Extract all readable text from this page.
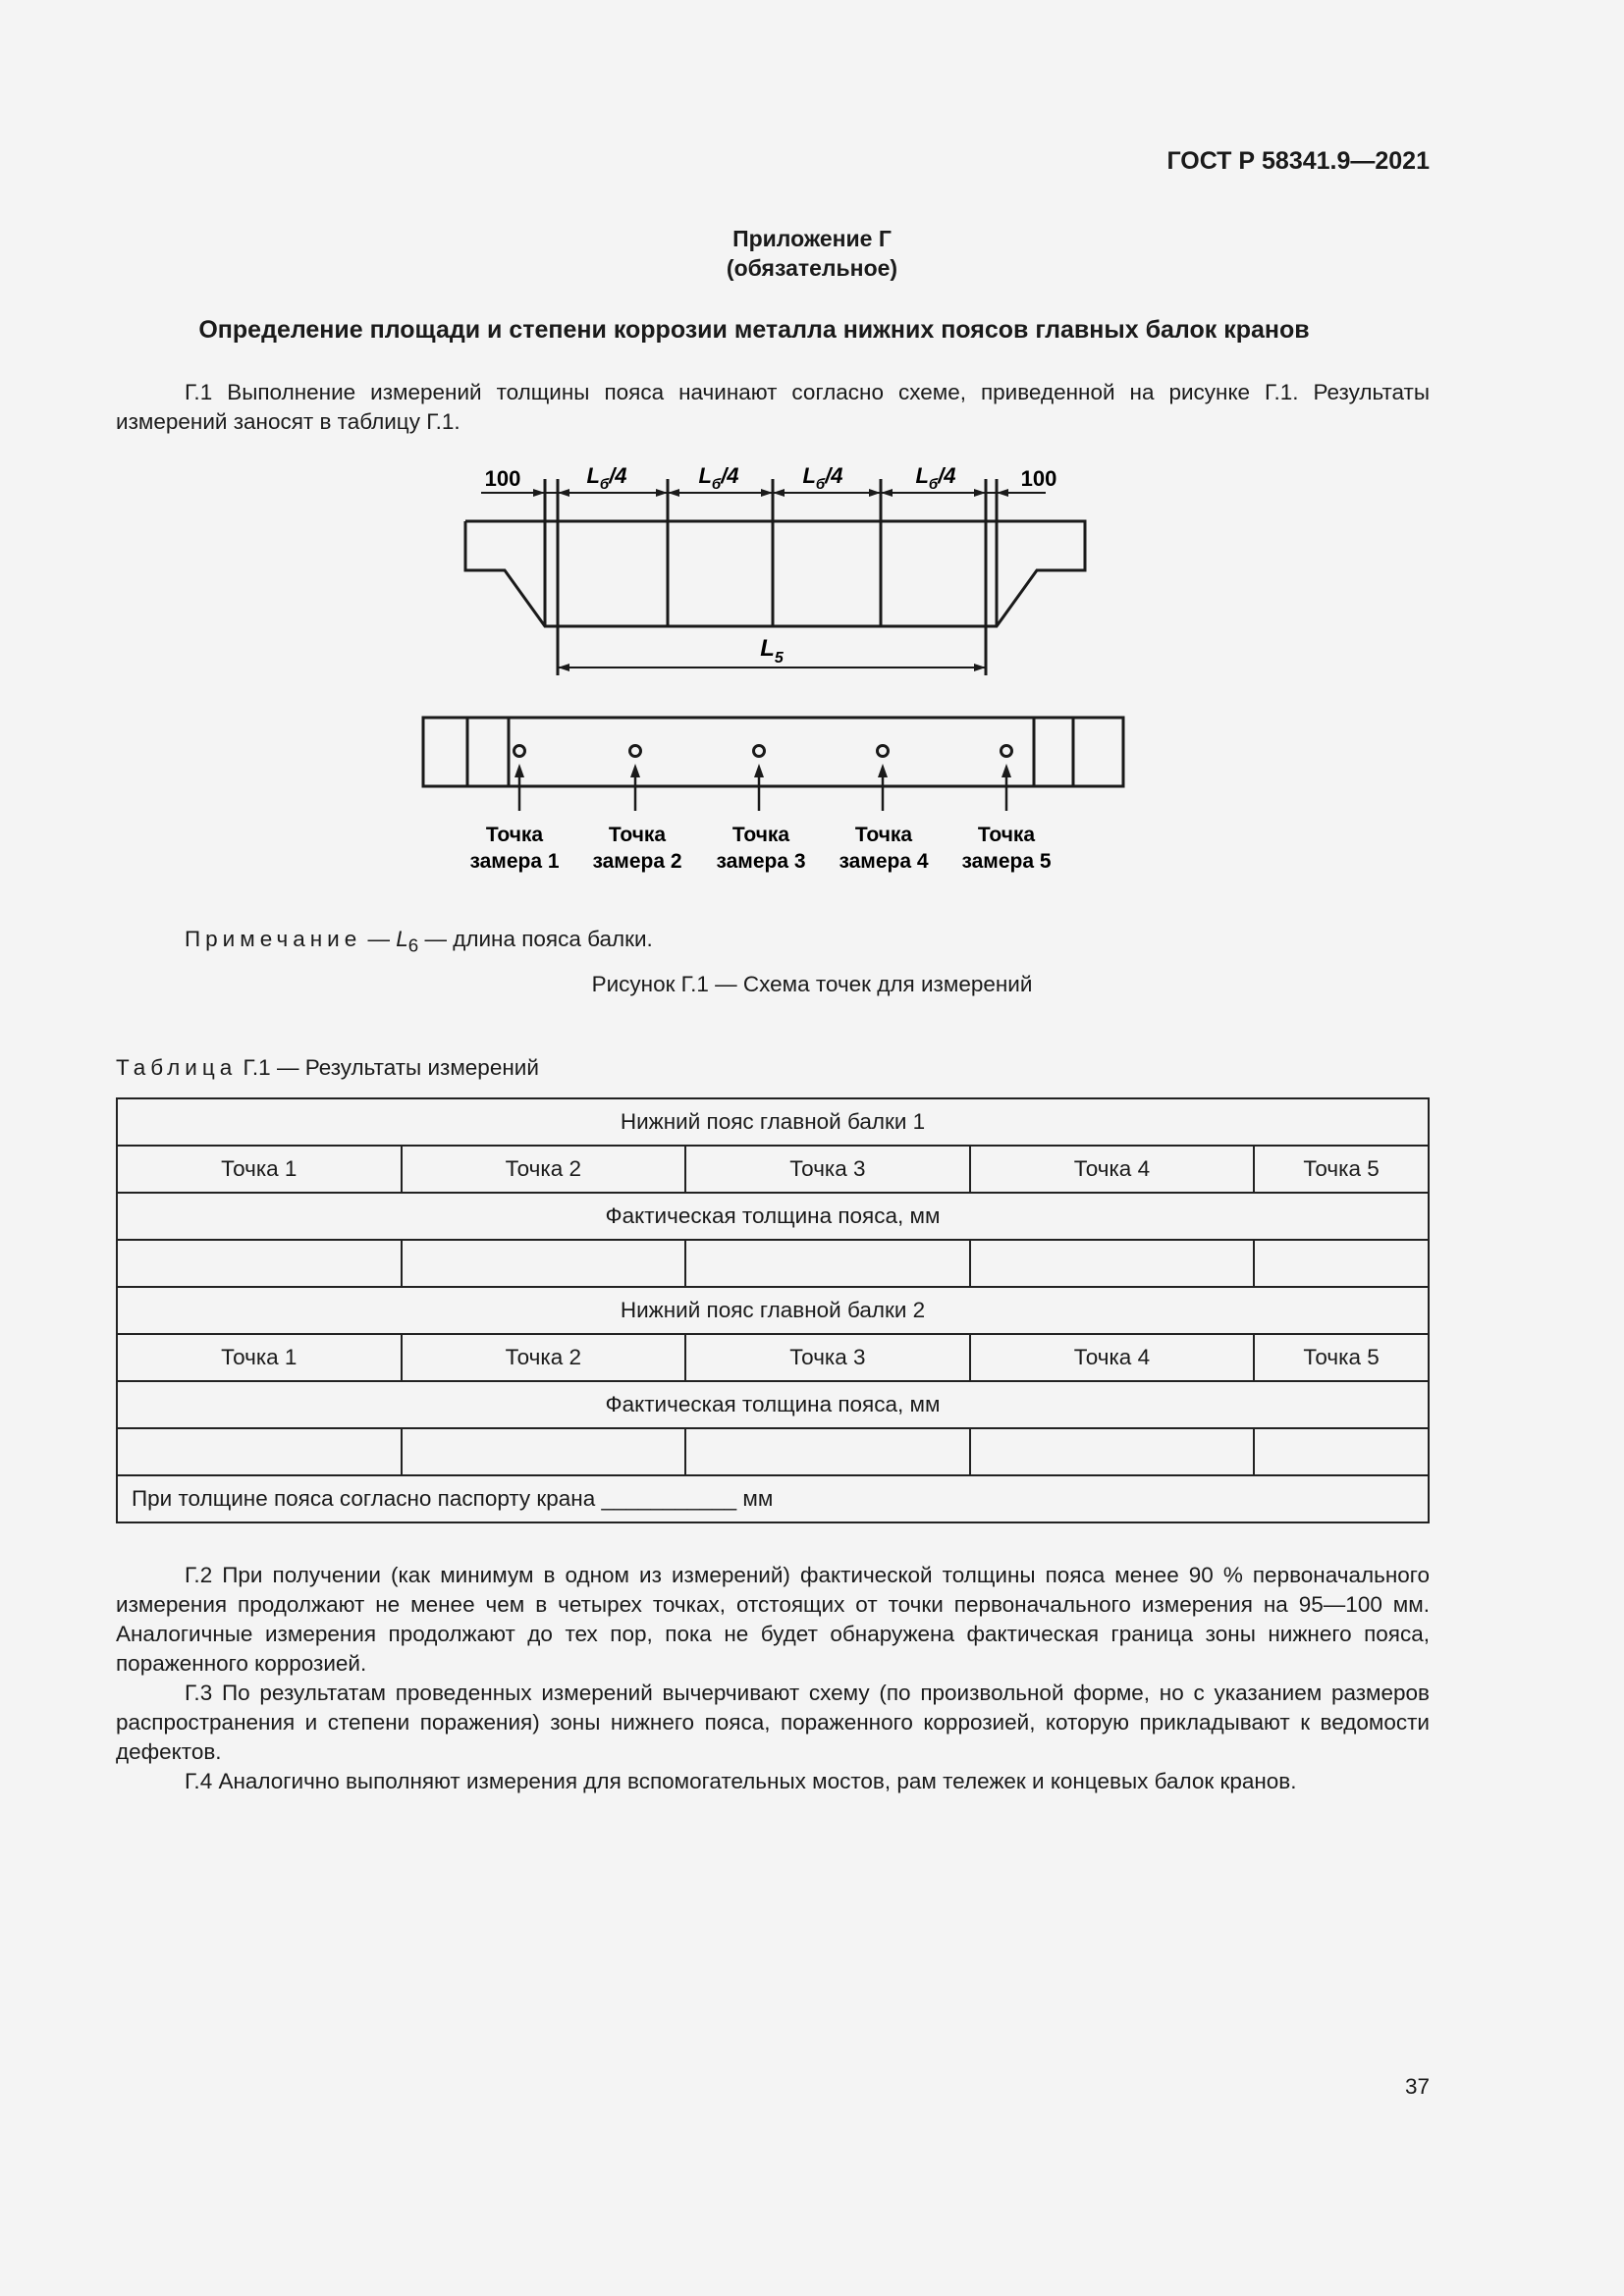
ГОСТ Р 58341.9—2021
Приложение Г
(обязательное)
Определение площади и степени коррозии металла нижних поясов главных балок кранов
Г.1 Выполнение измерений толщины пояса начинают согласно схеме, приведенной на рисунке Г.1. Результаты измерений заносят в таблицу Г.1.
100	100
$L_б/4$	$L_б/4$	$L_б/4$	$L_б/4$
$L_5$
Точка замера 1
Точка замера 2
Точка замера 3
Точка замера 4
Точка замера 5
Примечание — $L_6$ — длина пояса балки.
Рисунок Г.1 — Схема точек для измерений
Таблица Г.1 — Результаты измерений
Нижний пояс главной балки 1				
Точка 1	Точка 2	Точка 3	Точка 4	Точка 5
Фактическая толщина пояса, мм				

Нижний пояс главной балки 2				
Точка 1	Точка 2	Точка 3	Точка 4	Точка 5
Фактическая толщина пояса, мм				

При толщине пояса согласно паспорту крана ___________ мм				
Г.2 При получении (как минимум в одном из измерений) фактической толщины пояса менее 90 % первоначального измерения продолжают не менее чем в четырех точках, отстоящих от точки первоначального измерения на 95—100 мм. Аналогичные измерения продолжают до тех пор, пока не будет обнаружена фактическая граница зоны нижнего пояса, пораженного коррозией.
Г.3 По результатам проведенных измерений вычерчивают схему (по произвольной форме, но с указанием размеров распространения и степени поражения) зоны нижнего пояса, пораженного коррозией, которую прикладывают к ведомости дефектов.
Г.4 Аналогично выполняют измерения для вспомогательных мостов, рам тележек и концевых балок кранов.
37
